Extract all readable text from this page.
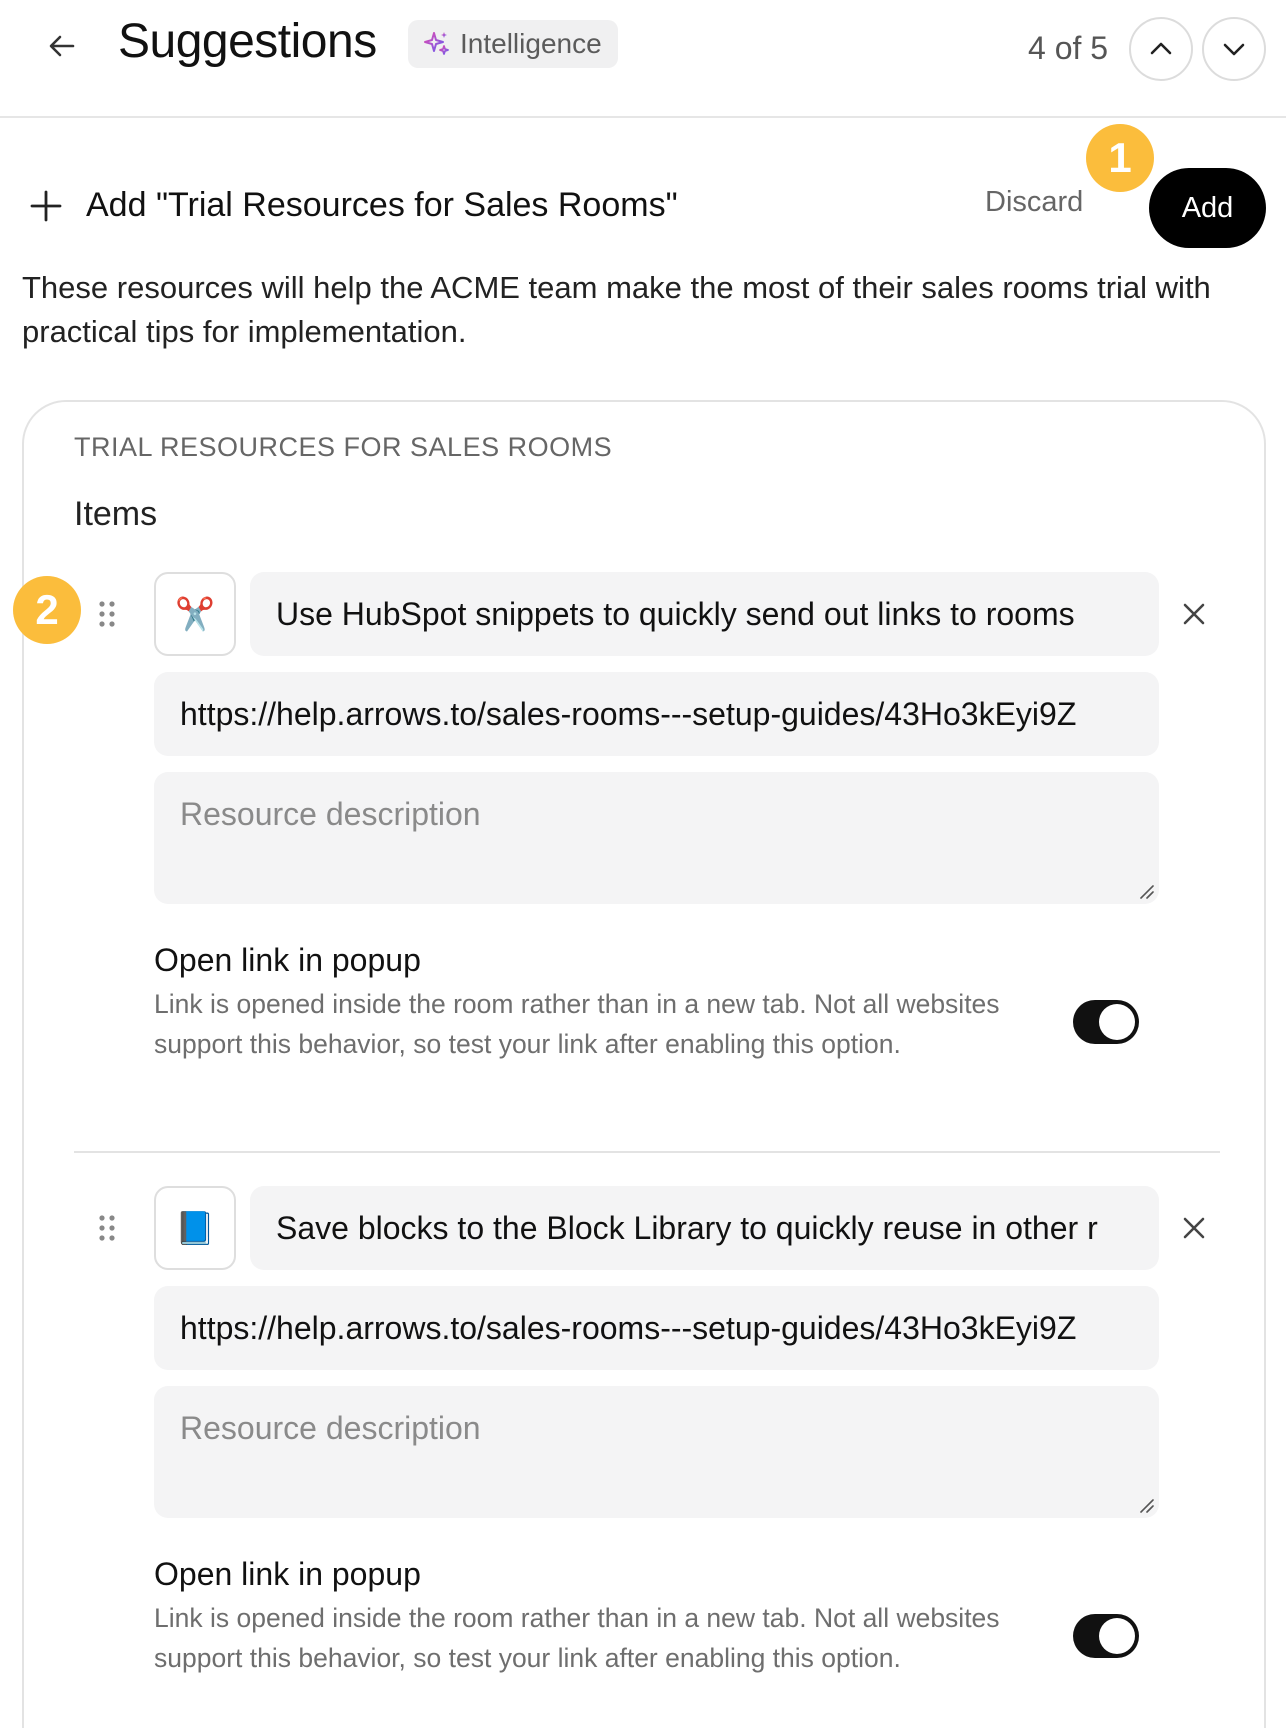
Suggestions	Intelligence	4 of 5
Add "Trial Resources for Sales Rooms"	Discard	Add
1
These resources will help the ACME team make the most of their sales rooms trial with practical tips for implementation.
TRIAL RESOURCES FOR SALES ROOMS
Items
✂️ Use HubSpot snippets to quickly send out links to rooms
https://help.arrows.to/sales-rooms---setup-guides/43Ho3kEyi9Z
Resource description
Open link in popup
Link is opened inside the room rather than in a new tab. Not all websites support this behavior, so test your link after enabling this option.
📘 Save blocks to the Block Library to quickly reuse in other r
https://help.arrows.to/sales-rooms---setup-guides/43Ho3kEyi9Z
Resource description
Open link in popup
Link is opened inside the room rather than in a new tab. Not all websites support this behavior, so test your link after enabling this option.
2
